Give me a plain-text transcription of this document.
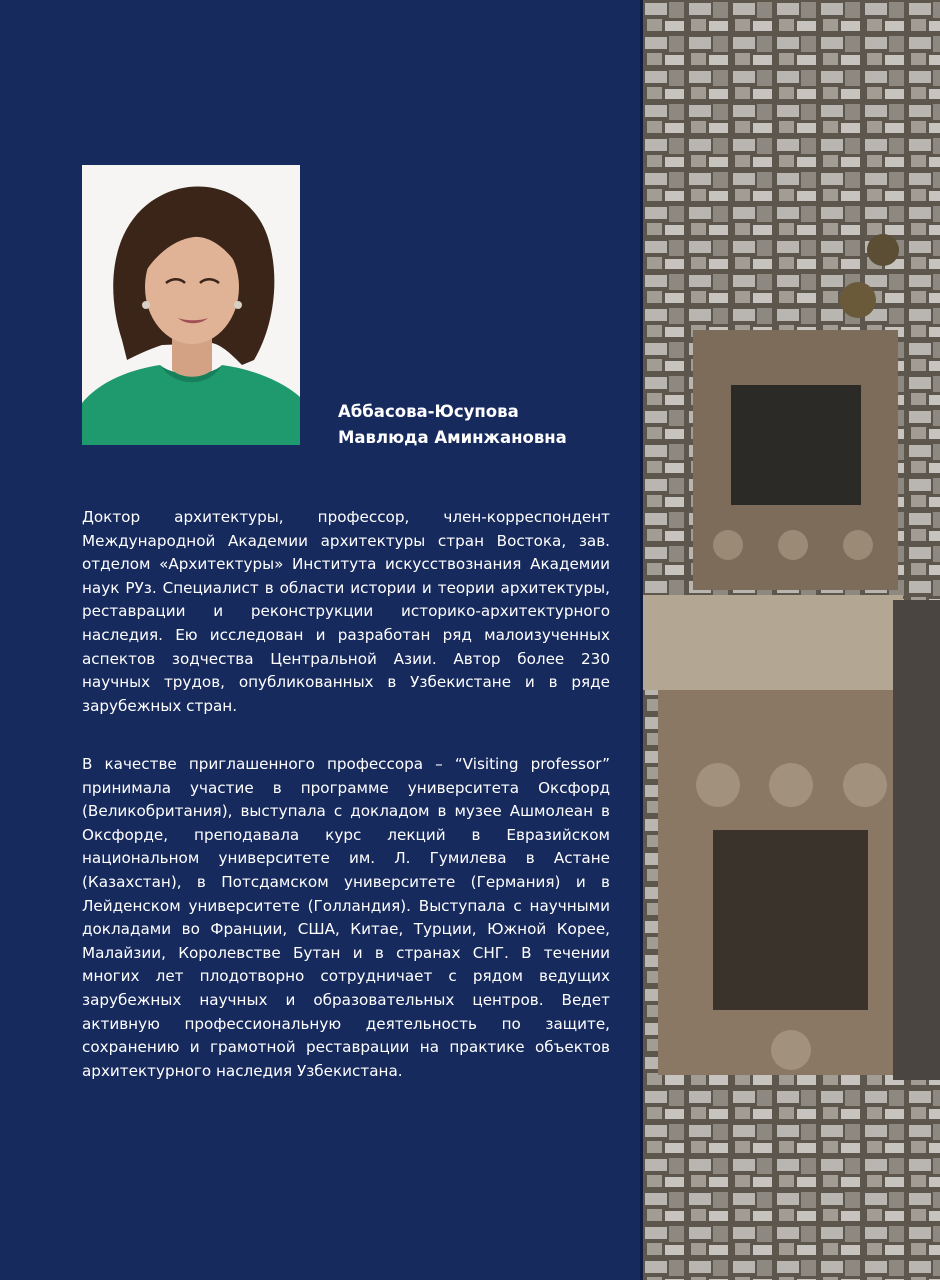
Аббасова-Юсупова
Мавлюда Аминжановна

Доктор архитектуры, профессор, член-корреспондент Международной Академии архитектуры стран Востока, зав. отделом «Архитектуры» Института искусствознания Академии наук РУз. Специалист в области истории и теории архитектуры, реставрации и реконструкции историко-архитектурного наследия. Ею исследован и разработан ряд малоизученных аспектов зодчества Центральной Азии. Автор более 230 научных трудов, опубликованных в Узбекистане и в ряде зарубежных стран.

В качестве приглашенного профессора – “Visiting professor” принимала участие в программе университета Оксфорд (Великобритания), выступала с докладом в музее Ашмолеан в Оксфорде, преподавала курс лекций в Евразийском национальном университете им. Л. Гумилева в Астане (Казахстан), в Потсдамском университете (Германия) и в Лейденском университете (Голландия). Выступала с научными докладами во Франции, США, Китае, Турции, Южной Корее, Малайзии, Королевстве Бутан и в странах СНГ. В течении многих лет плодотворно сотрудничает с рядом ведущих зарубежных научных и образовательных центров. Ведет активную профессиональную деятельность по защите, сохранению и грамотной реставрации на практике объектов архитектурного наследия Узбекистана.
